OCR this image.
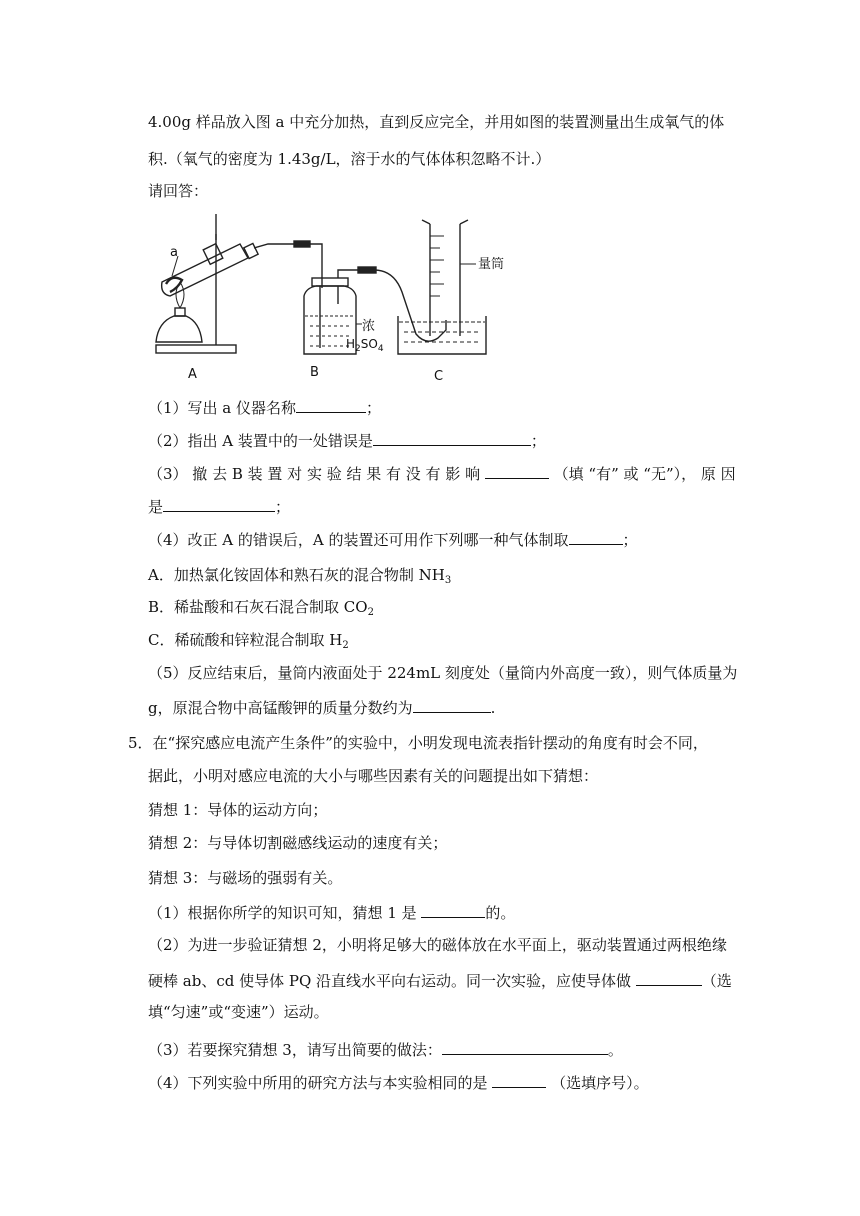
4.00g 样品放入图 a 中充分加热，直到反应完全，并用如图的装置测量出生成氧气的体
积.（氧气的密度为 1.43g/L，溶于水的气体体积忽略不计.）
请回答：
a
A	B	C
量筒
浓
$H_2SO_4$
（1）写出 a 仪器名称	；
（2）指出 A 装置中的一处错误是	；
（3） 撤 去 B 装 置 对 实 验 结 果 有 没 有 影 响	（填 “有” 或 “无”）， 原 因
是	；
（4）改正 A 的错误后，A 的装置还可用作下列哪一种气体制取	；
A．加热氯化铵固体和熟石灰的混合物制 $NH_3$
B．稀盐酸和石灰石混合制取 $CO_2$
C．稀硫酸和锌粒混合制取 $H_2$
（5）反应结束后，量筒内液面处于 224mL 刻度处（量筒内外高度一致），则气体质量为
g，原混合物中高锰酸钾的质量分数约为	.
5．在“探究感应电流产生条件”的实验中，小明发现电流表指针摆动的角度有时会不同，
据此，小明对感应电流的大小与哪些因素有关的问题提出如下猜想：
猜想 1：导体的运动方向；
猜想 2：与导体切割磁感线运动的速度有关；
猜想 3：与磁场的强弱有关。
（1）根据你所学的知识可知，猜想 1 是	的。
（2）为进一步验证猜想 2，小明将足够大的磁体放在水平面上，驱动装置通过两根绝缘
硬棒 ab、cd 使导体 PQ 沿直线水平向右运动。同一次实验，应使导体做	（选
填“匀速”或“变速”）运动。
（3）若要探究猜想 3，请写出简要的做法：	。
（4）下列实验中所用的研究方法与本实验相同的是	（选填序号）。
